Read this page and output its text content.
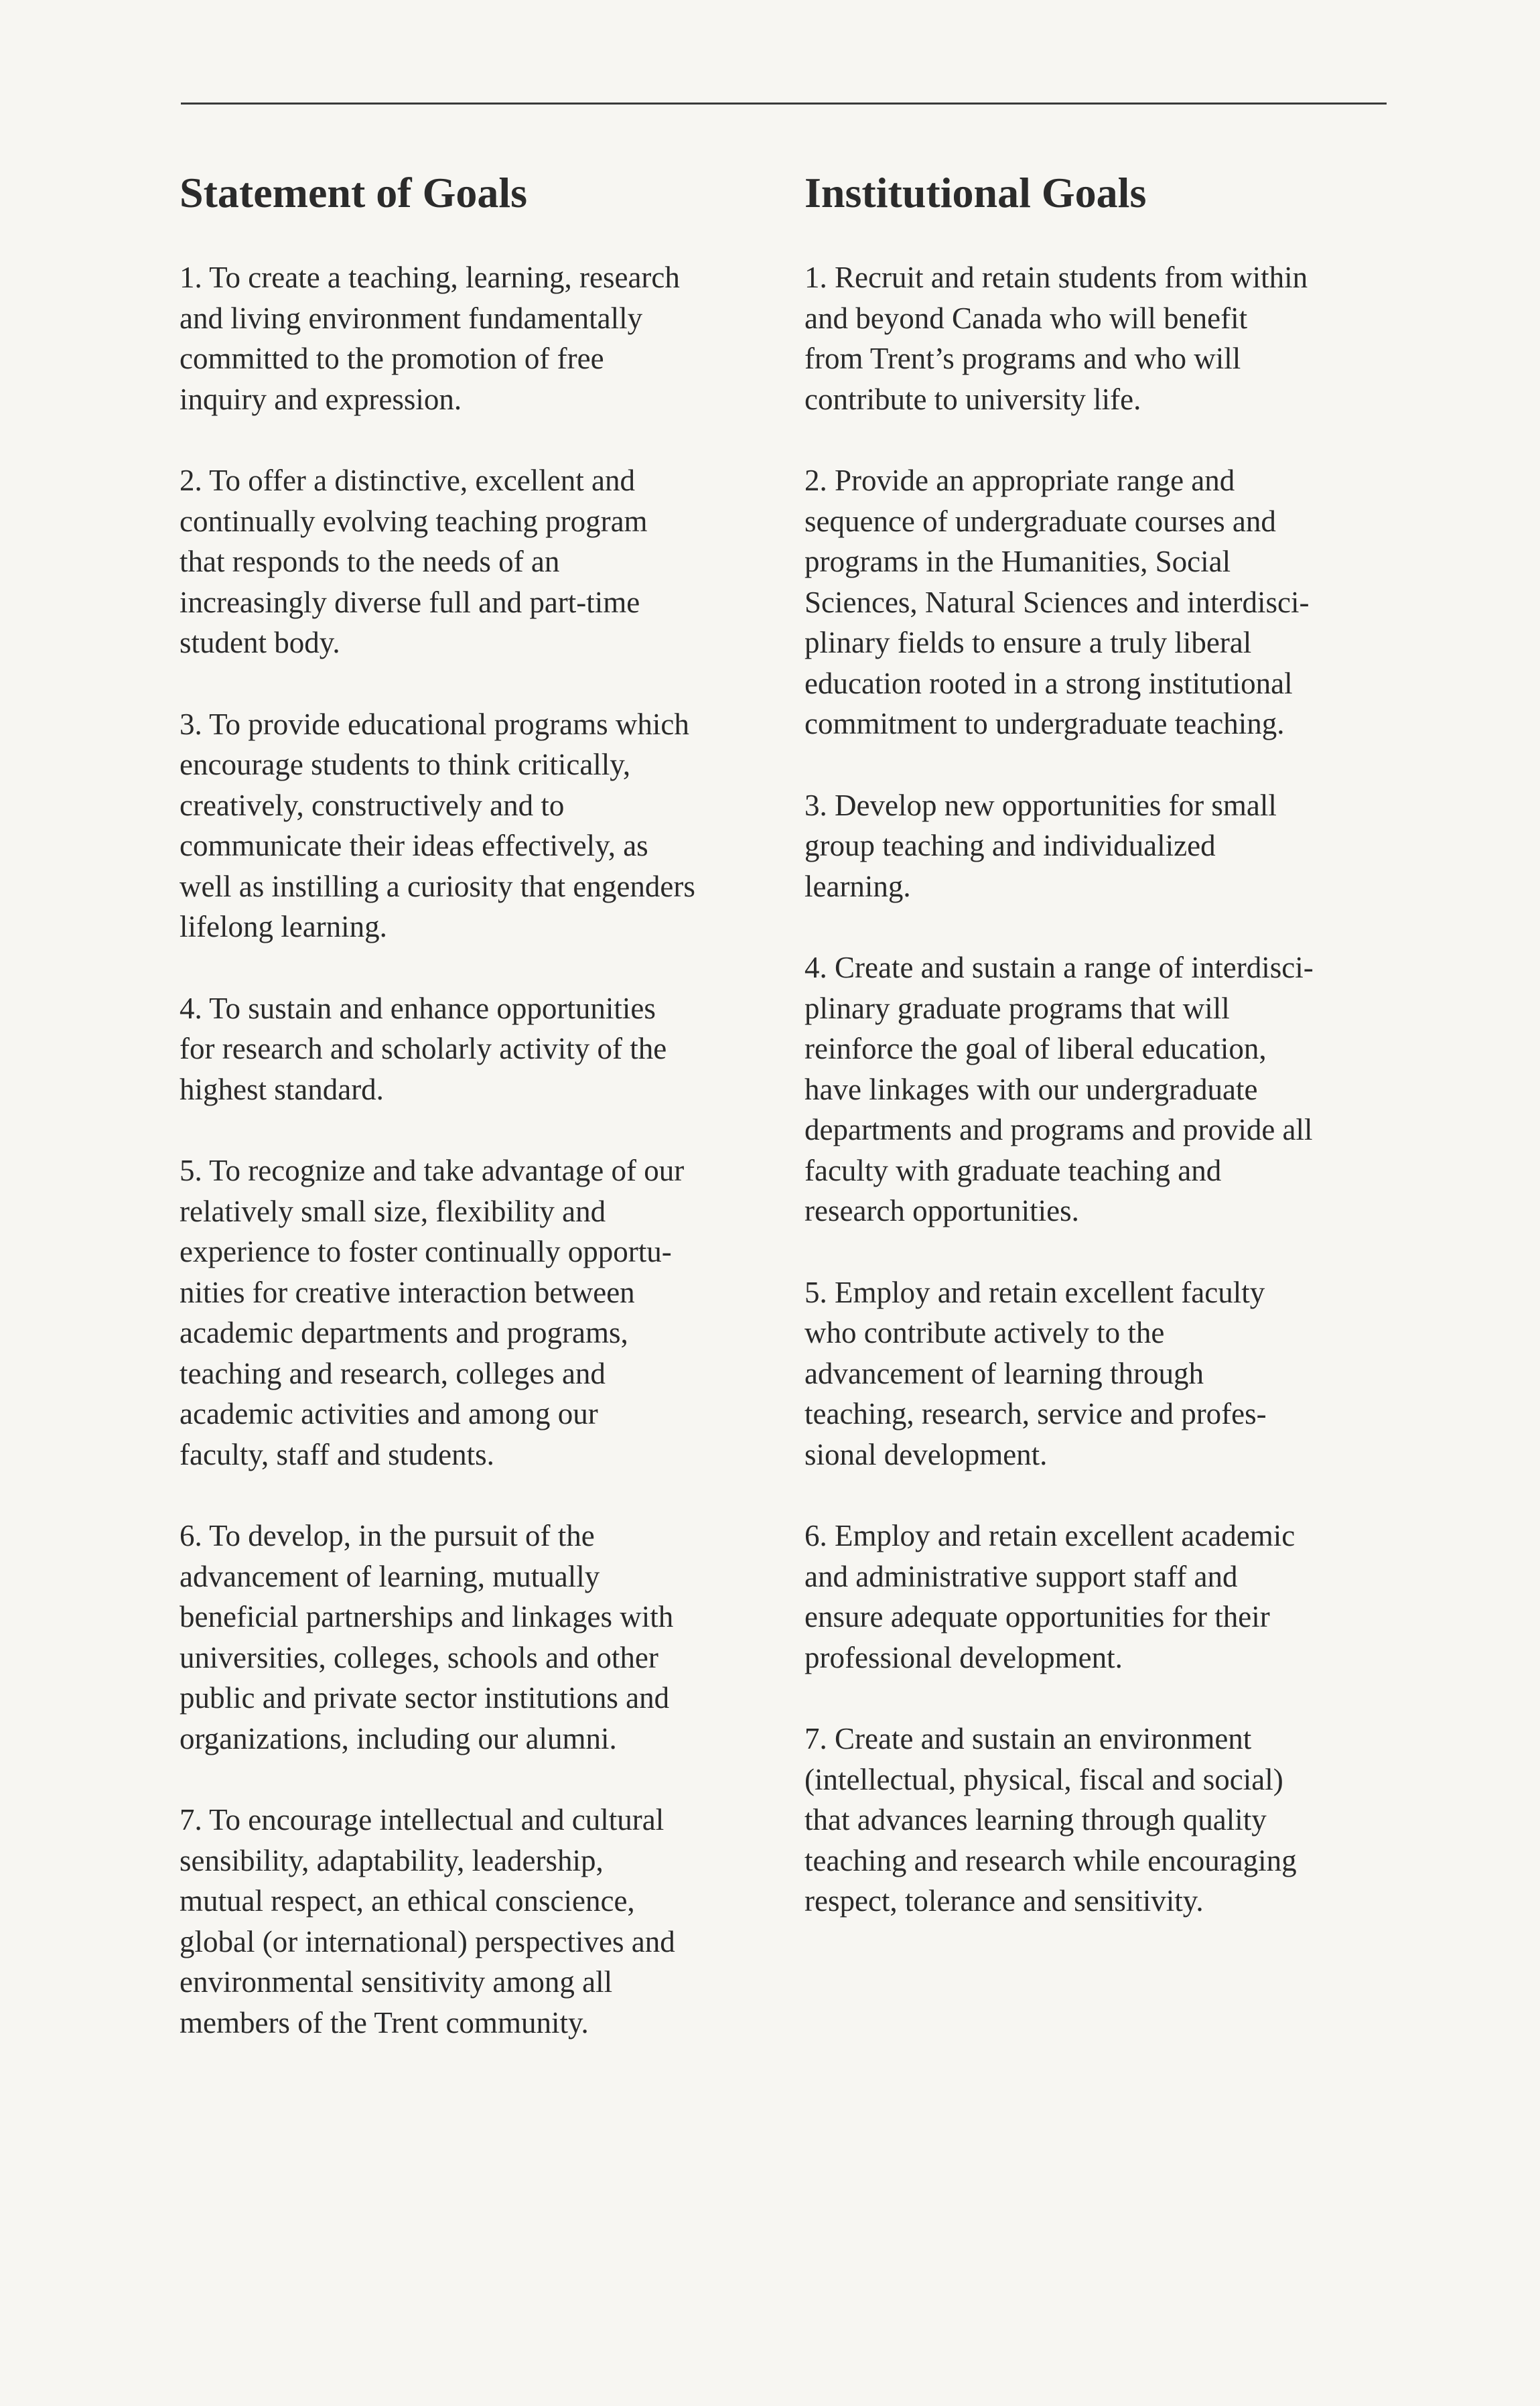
Statement of Goals

1. To create a teaching, learning, research
and living environment fundamentally
committed to the promotion of free
inquiry and expression.

2. To offer a distinctive, excellent and
continually evolving teaching program
that responds to the needs of an
increasingly diverse full and part-time
student body.

3. To provide educational programs which
encourage students to think critically,
creatively, constructively and to
communicate their ideas effectively, as
well as instilling a curiosity that engenders
lifelong learning.

4. To sustain and enhance opportunities
for research and scholarly activity of the
highest standard.

5. To recognize and take advantage of our
relatively small size, flexibility and
experience to foster continually opportu-
nities for creative interaction between
academic departments and programs,
teaching and research, colleges and
academic activities and among our
faculty, staff and students.

6. To develop, in the pursuit of the
advancement of learning, mutually
beneficial partnerships and linkages with
universities, colleges, schools and other
public and private sector institutions and
organizations, including our alumni.

7. To encourage intellectual and cultural
sensibility, adaptability, leadership,
mutual respect, an ethical conscience,
global (or international) perspectives and
environmental sensitivity among all
members of the Trent community.

Institutional Goals

1. Recruit and retain students from within
and beyond Canada who will benefit
from Trent’s programs and who will
contribute to university life.

2. Provide an appropriate range and
sequence of undergraduate courses and
programs in the Humanities, Social
Sciences, Natural Sciences and interdisci-
plinary fields to ensure a truly liberal
education rooted in a strong institutional
commitment to undergraduate teaching.

3. Develop new opportunities for small
group teaching and individualized
learning.

4. Create and sustain a range of interdisci-
plinary graduate programs that will
reinforce the goal of liberal education,
have linkages with our undergraduate
departments and programs and provide all
faculty with graduate teaching and
research opportunities.

5. Employ and retain excellent faculty
who contribute actively to the
advancement of learning through
teaching, research, service and profes-
sional development.

6. Employ and retain excellent academic
and administrative support staff and
ensure adequate opportunities for their
professional development.

7. Create and sustain an environment
(intellectual, physical, fiscal and social)
that advances learning through quality
teaching and research while encouraging
respect, tolerance and sensitivity.
